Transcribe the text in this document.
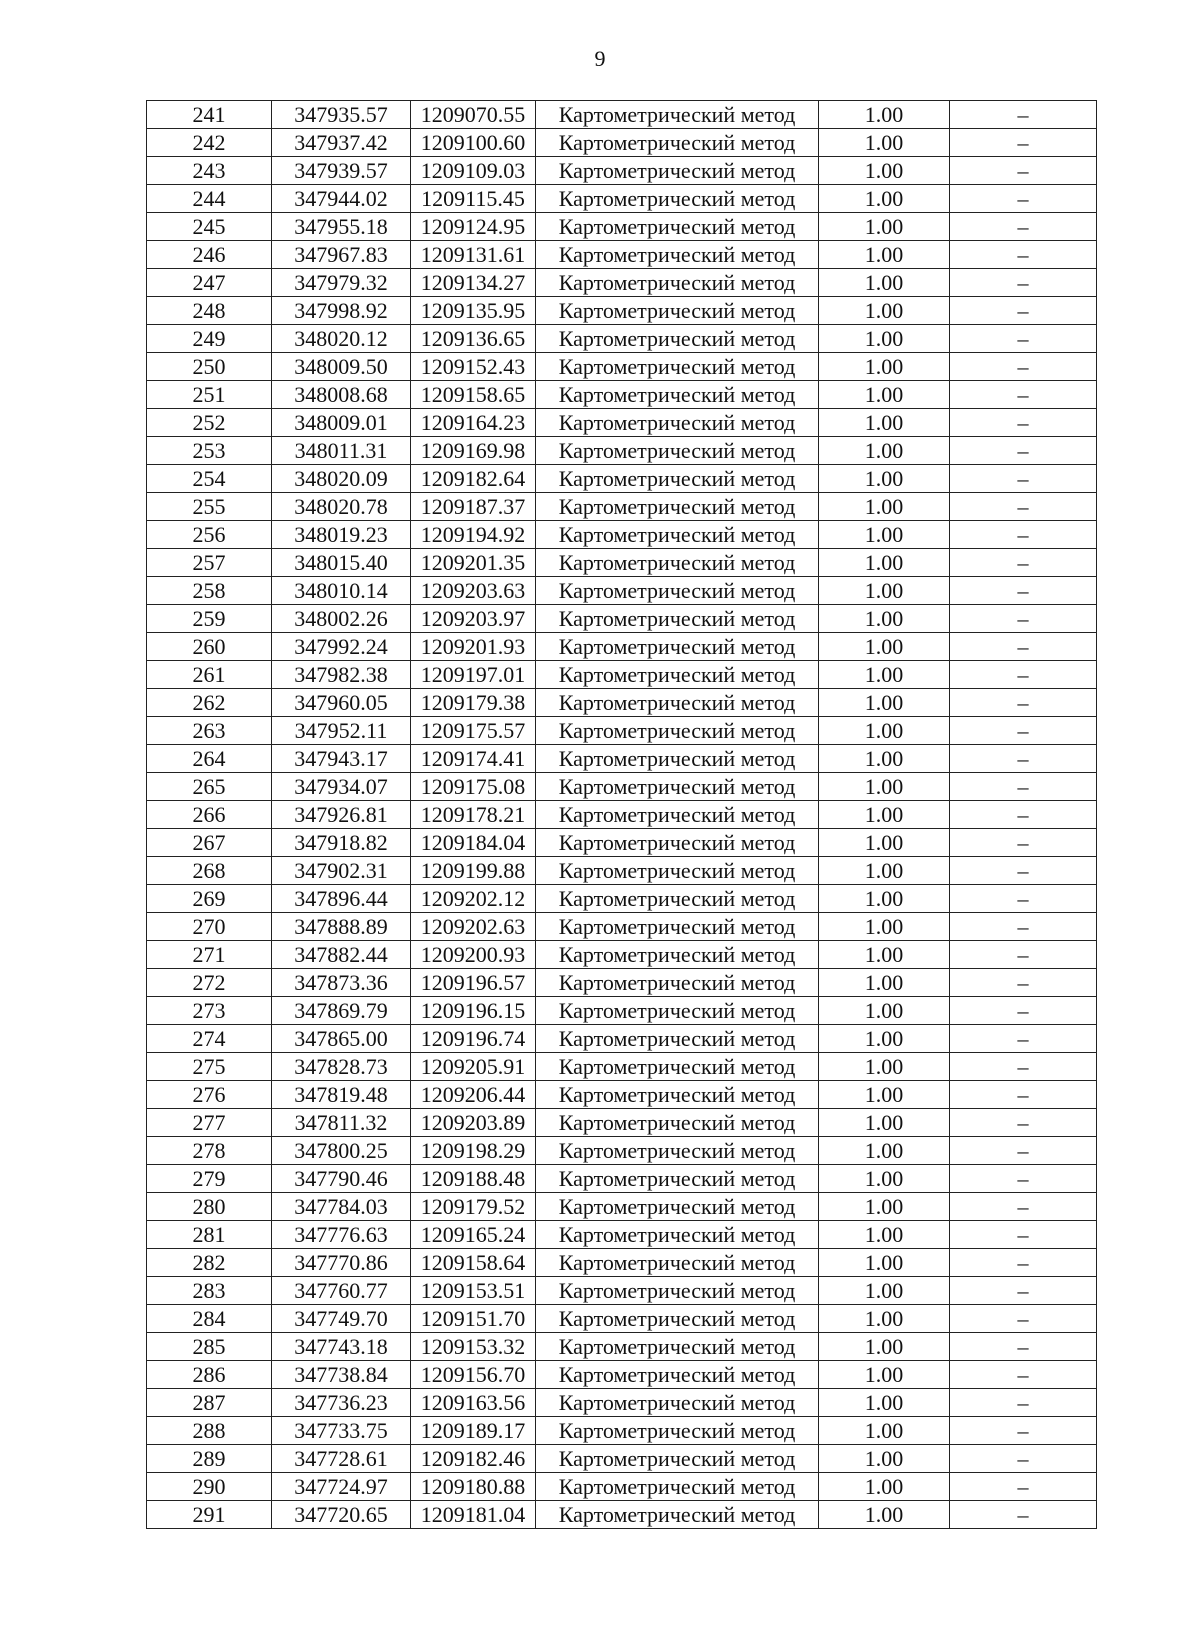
9
241	347935.57	1209070.55	Картометрический метод	1.00	–
242	347937.42	1209100.60	Картометрический метод	1.00	–
243	347939.57	1209109.03	Картометрический метод	1.00	–
244	347944.02	1209115.45	Картометрический метод	1.00	–
245	347955.18	1209124.95	Картометрический метод	1.00	–
246	347967.83	1209131.61	Картометрический метод	1.00	–
247	347979.32	1209134.27	Картометрический метод	1.00	–
248	347998.92	1209135.95	Картометрический метод	1.00	–
249	348020.12	1209136.65	Картометрический метод	1.00	–
250	348009.50	1209152.43	Картометрический метод	1.00	–
251	348008.68	1209158.65	Картометрический метод	1.00	–
252	348009.01	1209164.23	Картометрический метод	1.00	–
253	348011.31	1209169.98	Картометрический метод	1.00	–
254	348020.09	1209182.64	Картометрический метод	1.00	–
255	348020.78	1209187.37	Картометрический метод	1.00	–
256	348019.23	1209194.92	Картометрический метод	1.00	–
257	348015.40	1209201.35	Картометрический метод	1.00	–
258	348010.14	1209203.63	Картометрический метод	1.00	–
259	348002.26	1209203.97	Картометрический метод	1.00	–
260	347992.24	1209201.93	Картометрический метод	1.00	–
261	347982.38	1209197.01	Картометрический метод	1.00	–
262	347960.05	1209179.38	Картометрический метод	1.00	–
263	347952.11	1209175.57	Картометрический метод	1.00	–
264	347943.17	1209174.41	Картометрический метод	1.00	–
265	347934.07	1209175.08	Картометрический метод	1.00	–
266	347926.81	1209178.21	Картометрический метод	1.00	–
267	347918.82	1209184.04	Картометрический метод	1.00	–
268	347902.31	1209199.88	Картометрический метод	1.00	–
269	347896.44	1209202.12	Картометрический метод	1.00	–
270	347888.89	1209202.63	Картометрический метод	1.00	–
271	347882.44	1209200.93	Картометрический метод	1.00	–
272	347873.36	1209196.57	Картометрический метод	1.00	–
273	347869.79	1209196.15	Картометрический метод	1.00	–
274	347865.00	1209196.74	Картометрический метод	1.00	–
275	347828.73	1209205.91	Картометрический метод	1.00	–
276	347819.48	1209206.44	Картометрический метод	1.00	–
277	347811.32	1209203.89	Картометрический метод	1.00	–
278	347800.25	1209198.29	Картометрический метод	1.00	–
279	347790.46	1209188.48	Картометрический метод	1.00	–
280	347784.03	1209179.52	Картометрический метод	1.00	–
281	347776.63	1209165.24	Картометрический метод	1.00	–
282	347770.86	1209158.64	Картометрический метод	1.00	–
283	347760.77	1209153.51	Картометрический метод	1.00	–
284	347749.70	1209151.70	Картометрический метод	1.00	–
285	347743.18	1209153.32	Картометрический метод	1.00	–
286	347738.84	1209156.70	Картометрический метод	1.00	–
287	347736.23	1209163.56	Картометрический метод	1.00	–
288	347733.75	1209189.17	Картометрический метод	1.00	–
289	347728.61	1209182.46	Картометрический метод	1.00	–
290	347724.97	1209180.88	Картометрический метод	1.00	–
291	347720.65	1209181.04	Картометрический метод	1.00	–
